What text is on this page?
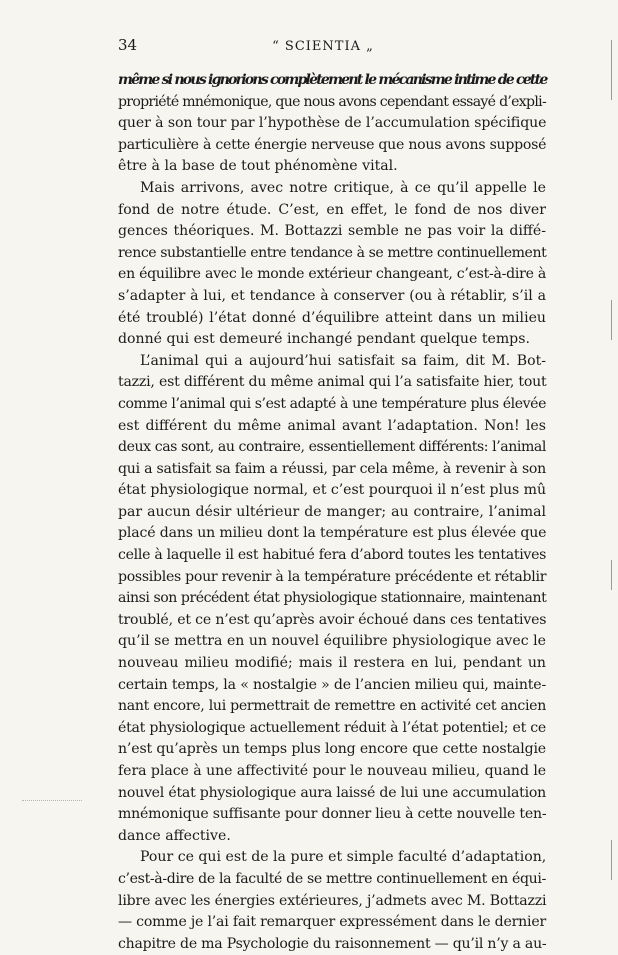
34	“ SCIENTIA „
même si nous ignorions complètement le mécanisme intime de cette
propriété mnémonique, que nous avons cependant essayé d’expli-
quer à son tour par l’hypothèse de l’accumulation spécifique
particulière à cette énergie nerveuse que nous avons supposé
être à la base de tout phénomène vital.
Mais arrivons, avec notre critique, à ce qu’il appelle le
fond de notre étude. C’est, en effet, le fond de nos diver
gences théoriques. M. Bottazzi semble ne pas voir la diffé-
rence substantielle entre tendance à se mettre continuellement
en équilibre avec le monde extérieur changeant, c’est-à-dire à
s’adapter à lui, et tendance à conserver (ou à rétablir, s’il a
été troublé) l’état donné d’équilibre atteint dans un milieu
donné qui est demeuré inchangé pendant quelque temps.
L’animal qui a aujourd’hui satisfait sa faim, dit M. Bot-
tazzi, est différent du même animal qui l’a satisfaite hier, tout
comme l’animal qui s’est adapté à une température plus élevée
est différent du même animal avant l’adaptation. Non! les
deux cas sont, au contraire, essentiellement différents: l’animal
qui a satisfait sa faim a réussi, par cela même, à revenir à son
état physiologique normal, et c’est pourquoi il n’est plus mû
par aucun désir ultérieur de manger; au contraire, l’animal
placé dans un milieu dont la température est plus élevée que
celle à laquelle il est habitué fera d’abord toutes les tentatives
possibles pour revenir à la température précédente et rétablir
ainsi son précédent état physiologique stationnaire, maintenant
troublé, et ce n’est qu’après avoir échoué dans ces tentatives
qu’il se mettra en un nouvel équilibre physiologique avec le
nouveau milieu modifié; mais il restera en lui, pendant un
certain temps, la « nostalgie » de l’ancien milieu qui, mainte-
nant encore, lui permettrait de remettre en activité cet ancien
état physiologique actuellement réduit à l’état potentiel; et ce
n’est qu’après un temps plus long encore que cette nostalgie
fera place à une affectivité pour le nouveau milieu, quand le
nouvel état physiologique aura laissé de lui une accumulation
mnémonique suffisante pour donner lieu à cette nouvelle ten-
dance affective.
Pour ce qui est de la pure et simple faculté d’adaptation,
c’est-à-dire de la faculté de se mettre continuellement en équi-
libre avec les énergies extérieures, j’admets avec M. Bottazzi
— comme je l’ai fait remarquer expressément dans le dernier
chapitre de ma Psychologie du raisonnement — qu’il n’y a au-
